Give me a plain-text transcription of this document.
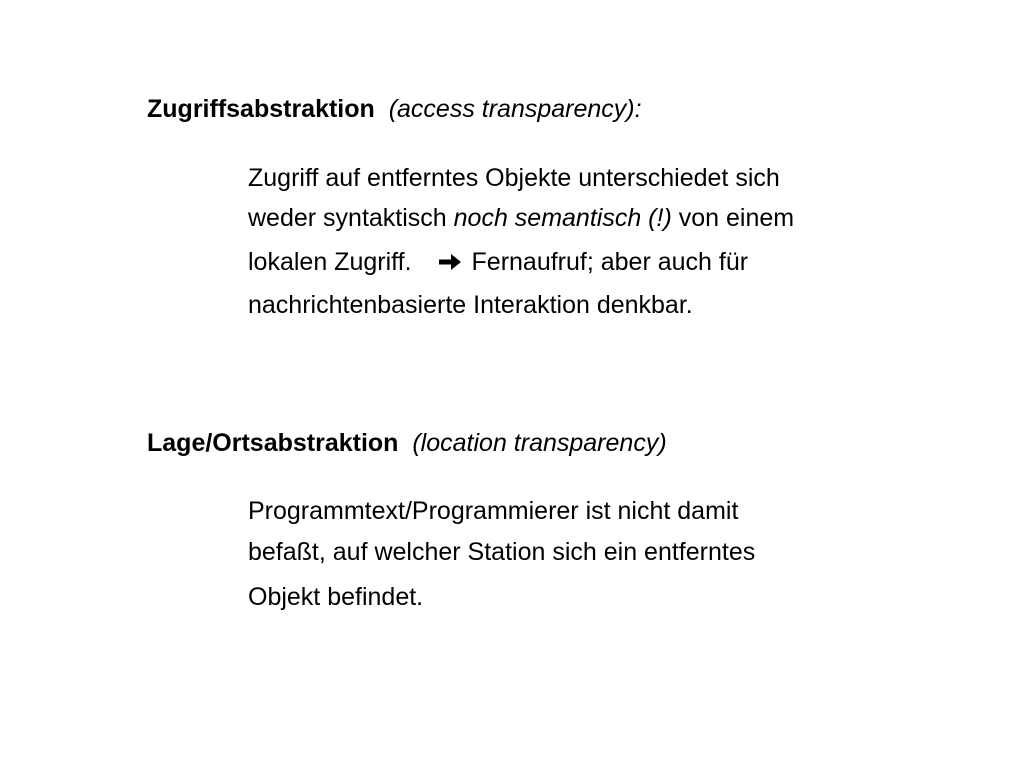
Zugriffsabstraktion (access transparency):
Zugriff auf entferntes Objekte unterschiedet sich
weder syntaktisch noch semantisch (!) von einem
lokalen Zugriff. Fernaufruf; aber auch für
nachrichtenbasierte Interaktion denkbar.
Lage/Ortsabstraktion (location transparency)
Programmtext/Programmierer ist nicht damit
befaßt, auf welcher Station sich ein entferntes
Objekt befindet.
